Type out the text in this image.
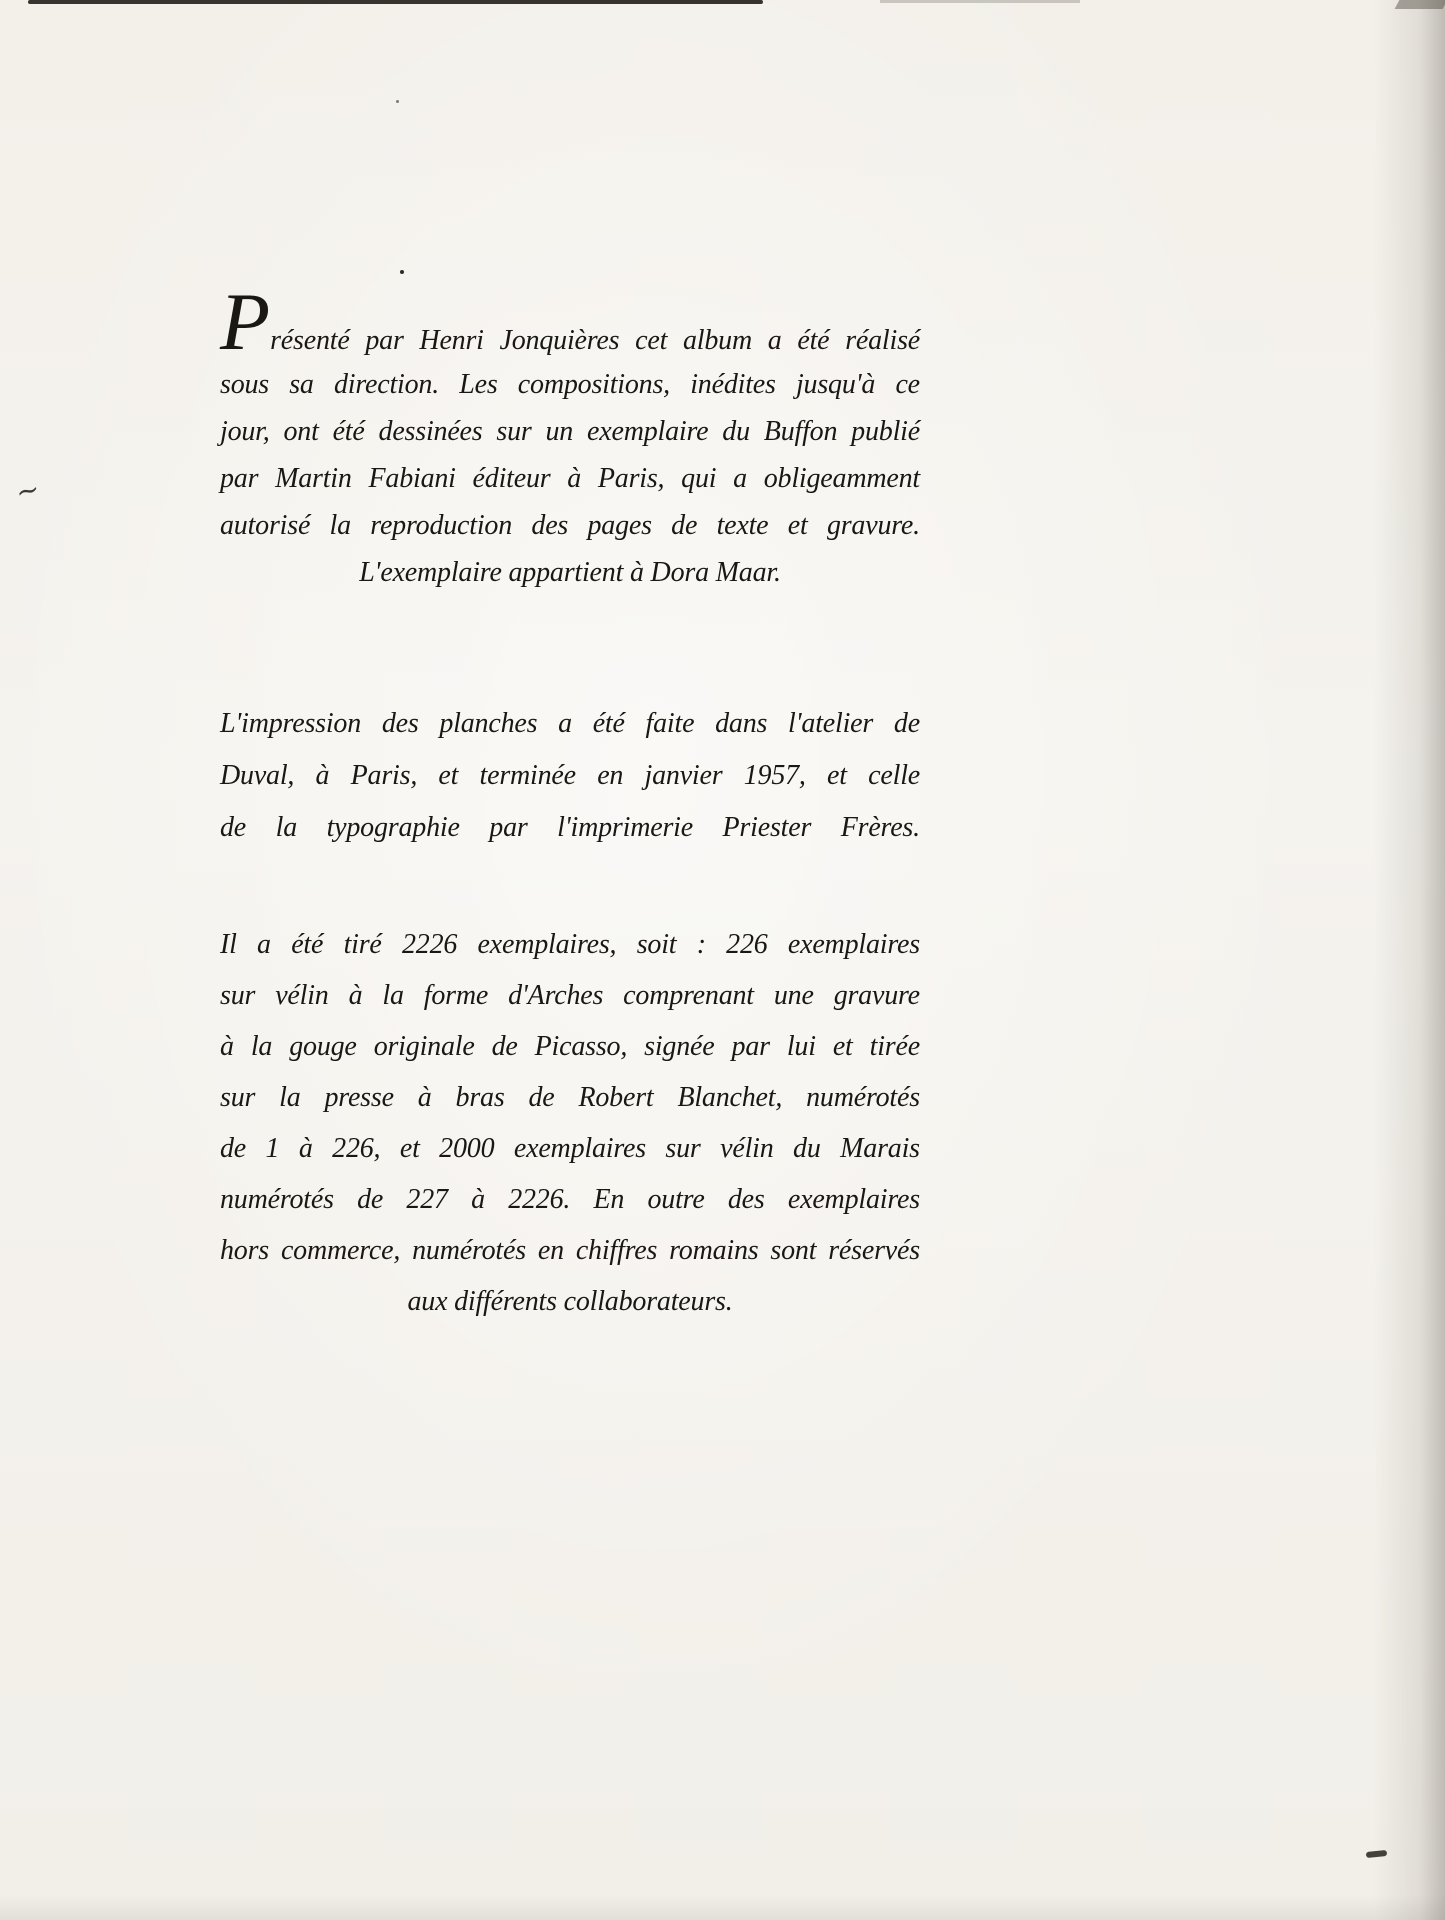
∼
Présenté par Henri Jonquières cet album a été réalisé
sous sa direction. Les compositions, inédites jusqu'à ce
jour, ont été dessinées sur un exemplaire du Buffon publié
par Martin Fabiani éditeur à Paris, qui a obligeamment
autorisé la reproduction des pages de texte et gravure.
L'exemplaire appartient à Dora Maar.
L'impression des planches a été faite dans l'atelier de
Duval, à Paris, et terminée en janvier 1957, et celle
de la typographie par l'imprimerie Priester Frères.
Il a été tiré 2226 exemplaires, soit : 226 exemplaires
sur vélin à la forme d'Arches comprenant une gravure
à la gouge originale de Picasso, signée par lui et tirée
sur la presse à bras de Robert Blanchet, numérotés
de 1 à 226, et 2000 exemplaires sur vélin du Marais
numérotés de 227 à 2226. En outre des exemplaires
hors commerce, numérotés en chiffres romains sont réservés
aux différents collaborateurs.
